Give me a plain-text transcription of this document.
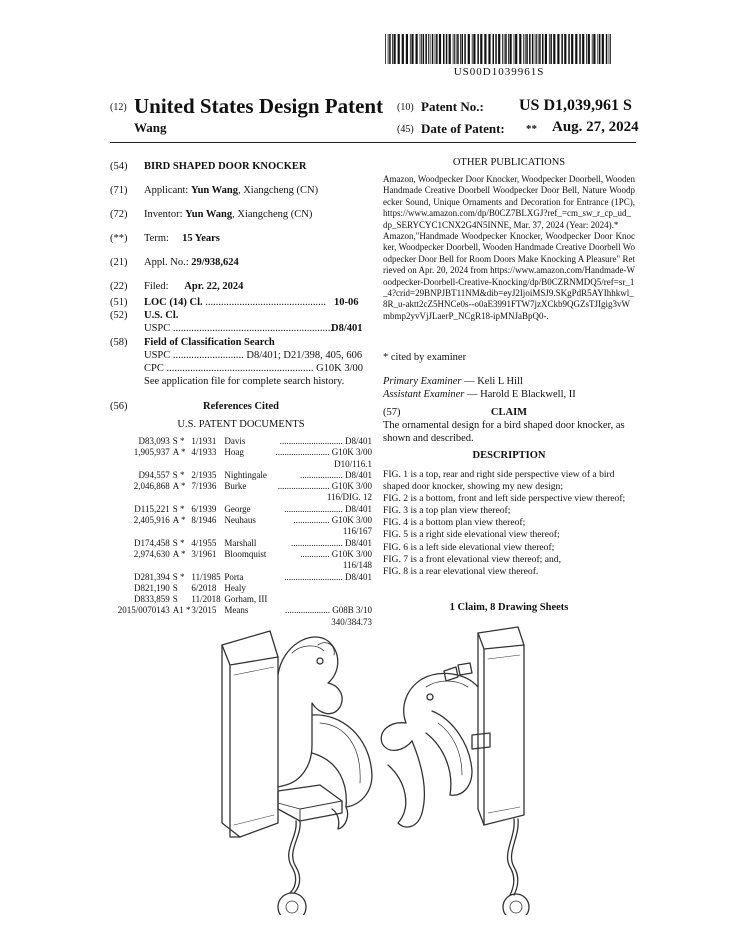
US00D1039961S
(12) United States Design Patent
Wang
(10) Patent No.: US D1,039,961 S
(45) Date of Patent: ** Aug. 27, 2024
(54) BIRD SHAPED DOOR KNOCKER
(71) Applicant: Yun Wang, Xiangcheng (CN)
(72) Inventor: Yun Wang, Xiangcheng (CN)
(**) Term: 15 Years
(21) Appl. No.: 29/938,624
(22) Filed: Apr. 22, 2024
(51) LOC (14) Cl. .............................................. 10-06
(52) U.S. Cl.
USPC .............................................................
D8/401
(58) Field of Classification Search
USPC ........................... D8/401; D21/398, 405, 606
CPC ........................................................ G10K 3/00
See application file for complete search history.
(56)	References Cited
U.S. PATENT DOCUMENTS
D83,093	S *	1/1931	Davis	............................ D8/401
1,905,937	A *	4/1933	Hoag	........................ G10K 3/00
				D10/116.1
D94,557	S *	2/1935	Nightingale	................... D8/401
2,046,868	A *	7/1936	Burke	....................... G10K 3/00
				116/DIG. 12
D115,221	S *	6/1939	George	.......................... D8/401
2,405,916	A *	8/1946	Neuhaus	................ G10K 3/00
				116/167
D174,458	S *	4/1955	Marshall	....................... D8/401
2,974,630	A *	3/1961	Bloomquist	............. G10K 3/00
				116/148
D281,394	S *	11/1985	Porta	.......................... D8/401
D821,190	S	6/2018	Healy	
D833,859	S	11/2018	Gorham, III	
2015/0070143	A1 *	3/2015	Means	.................... G08B 3/10
				340/384.73
OTHER PUBLICATIONS
Amazon, Woodpecker Door Knocker, Woodpecker Doorbell, Wooden Handmade Creative Doorbell Woodpecker Door Bell, Nature Woodpecker Sound, Unique Ornaments and Decoration for Entrance (1PC), https://www.amazon.com/dp/B0CZ7BLXGJ?ref_=cm_sw_r_cp_ud_dp_SERYCYC1CNX2G4N5INNE, Mar. 37, 2024 (Year: 2024).*
Amazon,"Handmade Woodpecker Knocker, Woodpecker Door Knocker, Woodpecker Doorbell, Wooden Handmade Creative Doorbell Woodpecker Door Bell for Room Doors Make Knocking A Pleasure" Retrieved on Apr. 20, 2024 from https://www.amazon.com/Handmade-Woodpecker-Doorbell-Creative-Knocking/dp/B0CZRNMDQ5/ref=sr_1_4?crid=29BNPJBT11NM&dib=eyJ2IjoiMSJ9.SKgPdR5AYIhhkwl_8R_u-aktt2cZ5HNCe0s--o0aE3991FTW7jzXCkb9QGZsTJIgig3vWmbmp2yvVjJLaerP_NCgR18-ipMNJaBpQ0-.
* cited by examiner
Primary Examiner — Keli L Hill
Assistant Examiner — Harold E Blackwell, II
(57)	CLAIM
The ornamental design for a bird shaped door knocker, as shown and described.
DESCRIPTION

FIG. 1 is a top, rear and right side perspective view of a bird shaped door knocker, showing my new design;

FIG. 2 is a bottom, front and left side perspective view thereof;

FIG. 3 is a top plan view thereof;

FIG. 4 is a bottom plan view thereof;

FIG. 5 is a right side elevational view thereof;

FIG. 6 is a left side elevational view thereof;

FIG. 7 is a front elevational view thereof; and,

FIG. 8 is a rear elevational view thereof.

1 Claim, 8 Drawing Sheets
